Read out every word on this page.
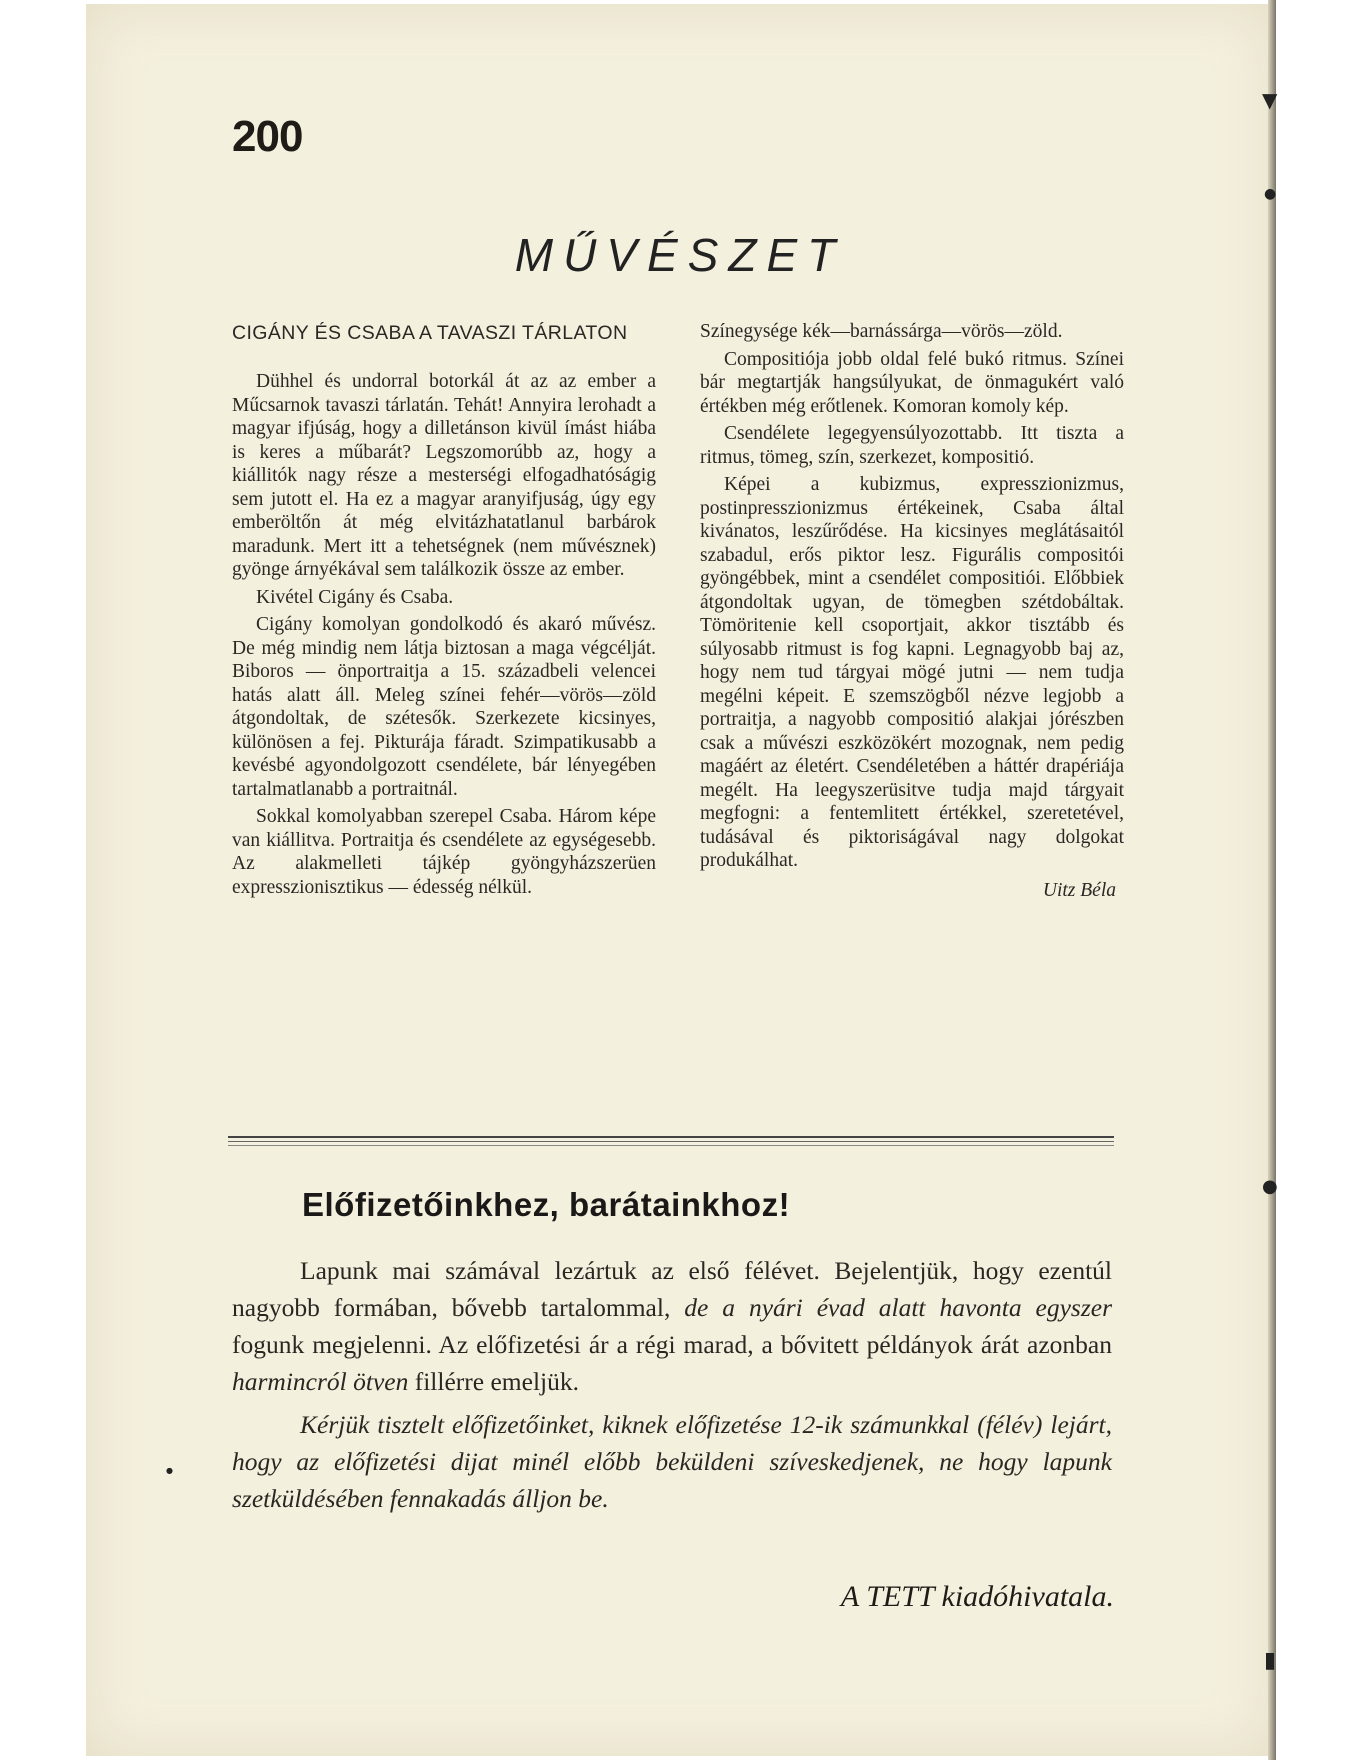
200
MŰVÉSZET
CIGÁNY ÉS CSABA A TAVASZI TÁRLATON

Dühhel és undorral botorkál át az az ember a Műcsarnok tavaszi tárlatán. Tehát! Annyira lerohadt a magyar ifjúság, hogy a dilletánson kivül ímást hiába is keres a műbarát? Legszomorúbb az, hogy a kiállitók nagy része a mesterségi elfogadhatóságig sem jutott el. Ha ez a magyar aranyifjuság, úgy egy emberöltőn át még elvitázhatatlanul barbárok maradunk. Mert itt a tehetségnek (nem művésznek) gyönge árnyékával sem találkozik össze az ember.

Kivétel Cigány és Csaba.

Cigány komolyan gondolkodó és akaró művész. De még mindig nem látja biztosan a maga végcélját. Biboros — önportraitja a 15. századbeli velencei hatás alatt áll. Meleg színei fehér—vörös—zöld átgondoltak, de szétesők. Szerkezete kicsinyes, különösen a fej. Pikturája fáradt. Szimpatikusabb a kevésbé agyondolgozott csendélete, bár lényegében tartalmatlanabb a portraitnál.

Sokkal komolyabban szerepel Csaba. Három képe van kiállitva. Portraitja és csendélete az egységesebb. Az alakmelleti tájkép gyöngyházszerüen expresszionisztikus — édesség nélkül.

Színegysége kék—barnássárga—vörös—zöld.

Compositiója jobb oldal felé bukó ritmus. Színei bár megtartják hangsúlyukat, de önmagukért való értékben még erőtlenek. Komoran komoly kép.

Csendélete legegyensúlyozottabb. Itt tiszta a ritmus, tömeg, szín, szerkezet, kompositió.

Képei a kubizmus, expresszionizmus, postinpresszionizmus értékeinek, Csaba által kivánatos, leszűrődése. Ha kicsinyes meglátásaitól szabadul, erős piktor lesz. Figurális compositói gyöngébbek, mint a csendélet compositiói. Előbbiek átgondoltak ugyan, de tömegben szétdobáltak. Tömöritenie kell csoportjait, akkor tisztább és súlyosabb ritmust is fog kapni. Legnagyobb baj az, hogy nem tud tárgyai mögé jutni — nem tudja megélni képeit. E szemszögből nézve legjobb a portraitja, a nagyobb compositió alakjai jórészben csak a művészi eszközökért mozognak, nem pedig magáért az életért. Csendéletében a háttér drapériája megélt. Ha leegyszerüsitve tudja majd tárgyait megfogni: a fentemlitett értékkel, szeretetével, tudásával és piktoriságával nagy dolgokat produkálhat.

Uitz Béla
Előfizetőinkhez, barátainkhoz!

Lapunk mai számával lezártuk az első félévet. Bejelentjük, hogy ezentúl nagyobb formában, bővebb tartalommal, de a nyári évad alatt havonta egyszer fogunk megjelenni. Az előfizetési ár a régi marad, a bővitett példányok árát azonban harmincról ötven fillérre emeljük.

Kérjük tisztelt előfizetőinket, kiknek előfizetése 12-ik számunkkal (félév) lejárt, hogy az előfizetési dijat minél előbb beküldeni szíveskedjenek, ne hogy lapunk szetküldésében fennakadás álljon be.

A TETT kiadóhivatala.
▼
●
●
▮
●
